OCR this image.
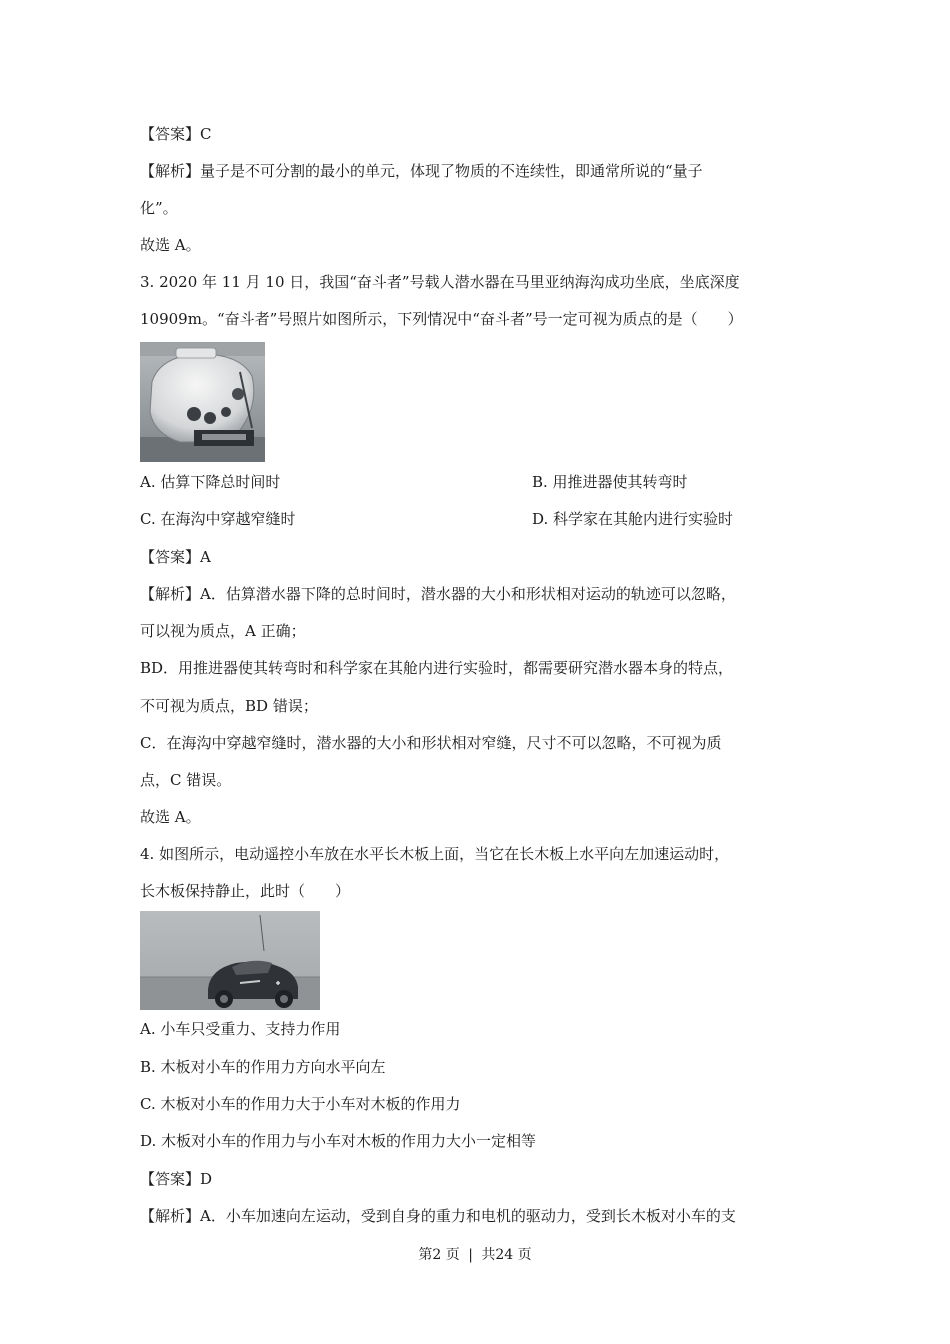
【答案】C
【解析】量子是不可分割的最小的单元，体现了物质的不连续性，即通常所说的“量子
化”。
故选 A。
3. 2020 年 11 月 10 日，我国“奋斗者”号载人潜水器在马里亚纳海沟成功坐底，坐底深度
10909m。“奋斗者”号照片如图所示，下列情况中“奋斗者”号一定可视为质点的是（　　）
A. 估算下降总时间时	B. 用推进器使其转弯时
C. 在海沟中穿越窄缝时	D. 科学家在其舱内进行实验时
【答案】A
【解析】A．估算潜水器下降的总时间时，潜水器的大小和形状相对运动的轨迹可以忽略，
可以视为质点，A 正确；
BD．用推进器使其转弯时和科学家在其舱内进行实验时，都需要研究潜水器本身的特点，
不可视为质点，BD 错误；
C．在海沟中穿越窄缝时，潜水器的大小和形状相对窄缝，尺寸不可以忽略，不可视为质
点，C 错误。
故选 A。
4. 如图所示，电动遥控小车放在水平长木板上面，当它在长木板上水平向左加速运动时，
长木板保持静止，此时（　　）
A. 小车只受重力、支持力作用
B. 木板对小车的作用力方向水平向左
C. 木板对小车的作用力大于小车对木板的作用力
D. 木板对小车的作用力与小车对木板的作用力大小一定相等
【答案】D
【解析】A．小车加速向左运动，受到自身的重力和电机的驱动力，受到长木板对小车的支
第2 页 | 共24 页
